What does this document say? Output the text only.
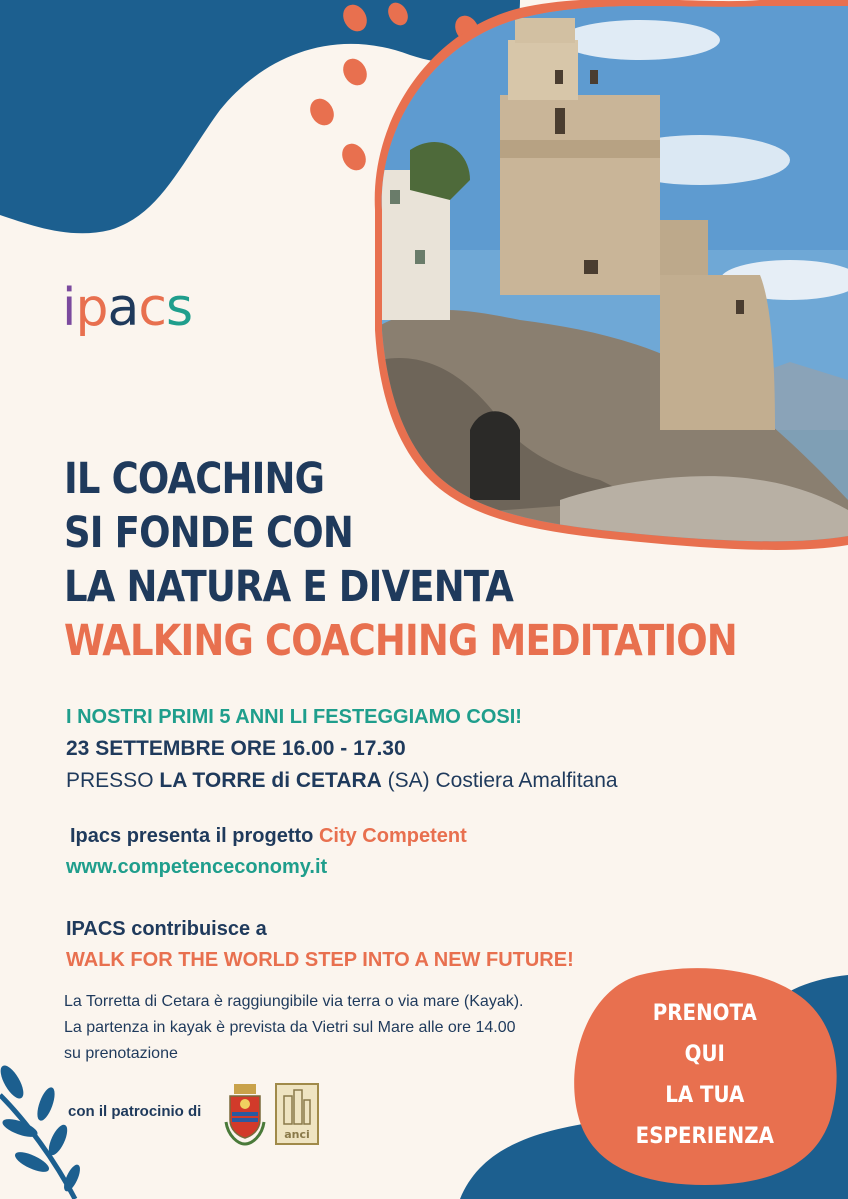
ipacs
IL COACHING
SI FONDE CON
LA NATURA E DIVENTA
WALKING COACHING MEDITATION
I NOSTRI PRIMI 5 ANNI LI FESTEGGIAMO COSI!
23 SETTEMBRE ORE 16.00 - 17.30
PRESSO LA TORRE di CETARA (SA) Costiera Amalfitana
Ipacs presenta il progetto City Competent
www.competenceconomy.it
IPACS contribuisce a
WALK FOR THE WORLD STEP INTO A NEW FUTURE!
La Torretta di Cetara è raggiungibile via terra o via mare (Kayak).
La partenza in kayak è prevista da Vietri sul Mare alle ore 14.00
su prenotazione
con il patrocinio di
anci
PRENOTA
QUI
LA TUA
ESPERIENZA
